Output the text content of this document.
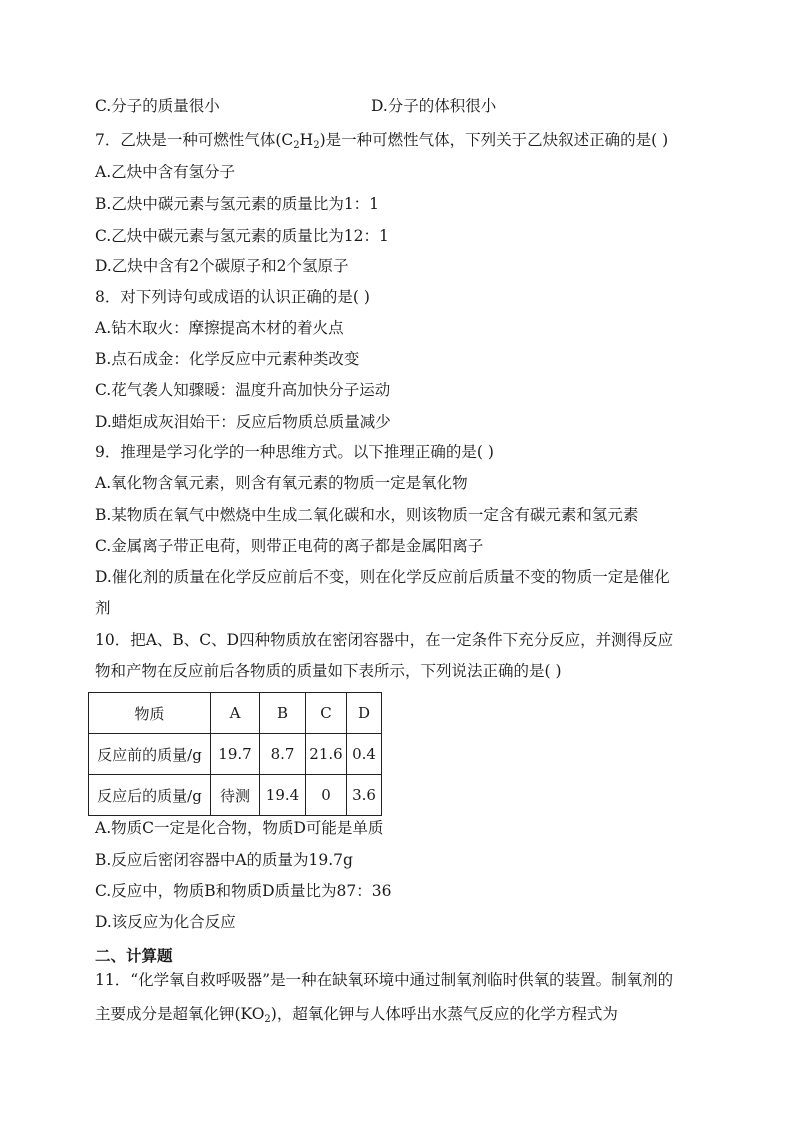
C.分子的质量很小	D.分子的体积很小
7．乙炔是一种可燃性气体$(C_2H_2)$是一种可燃性气体，下列关于乙炔叙述正确的是( )
A.乙炔中含有氢分子
B.乙炔中碳元素与氢元素的质量比为1：1
C.乙炔中碳元素与氢元素的质量比为12：1
D.乙炔中含有2个碳原子和2个氢原子
8．对下列诗句或成语的认识正确的是( )
A.钻木取火：摩擦提高木材的着火点
B.点石成金：化学反应中元素种类改变
C.花气袭人知骤暖：温度升高加快分子运动
D.蜡炬成灰泪始干：反应后物质总质量减少
9．推理是学习化学的一种思维方式。以下推理正确的是( )
A.氧化物含氧元素，则含有氧元素的物质一定是氧化物
B.某物质在氧气中燃烧中生成二氧化碳和水，则该物质一定含有碳元素和氢元素
C.金属离子带正电荷，则带正电荷的离子都是金属阳离子
D.催化剂的质量在化学反应前后不变，则在化学反应前后质量不变的物质一定是催化
剂
10．把A、B、C、D四种物质放在密闭容器中，在一定条件下充分反应，并测得反应
物和产物在反应前后各物质的质量如下表所示，下列说法正确的是( )
物质	A	B	C	D
反应前的质量/g	19.7	8.7	21.6	0.4
反应后的质量/g	待测	19.4	0	3.6
A.物质C一定是化合物，物质D可能是单质
B.反应后密闭容器中A的质量为19.7g
C.反应中，物质B和物质D质量比为87：36
D.该反应为化合反应
二、计算题
11．“化学氧自救呼吸器”是一种在缺氧环境中通过制氧剂临时供氧的装置。制氧剂的
主要成分是超氧化钾$(KO_2)$，超氧化钾与人体呼出水蒸气反应的化学方程式为
